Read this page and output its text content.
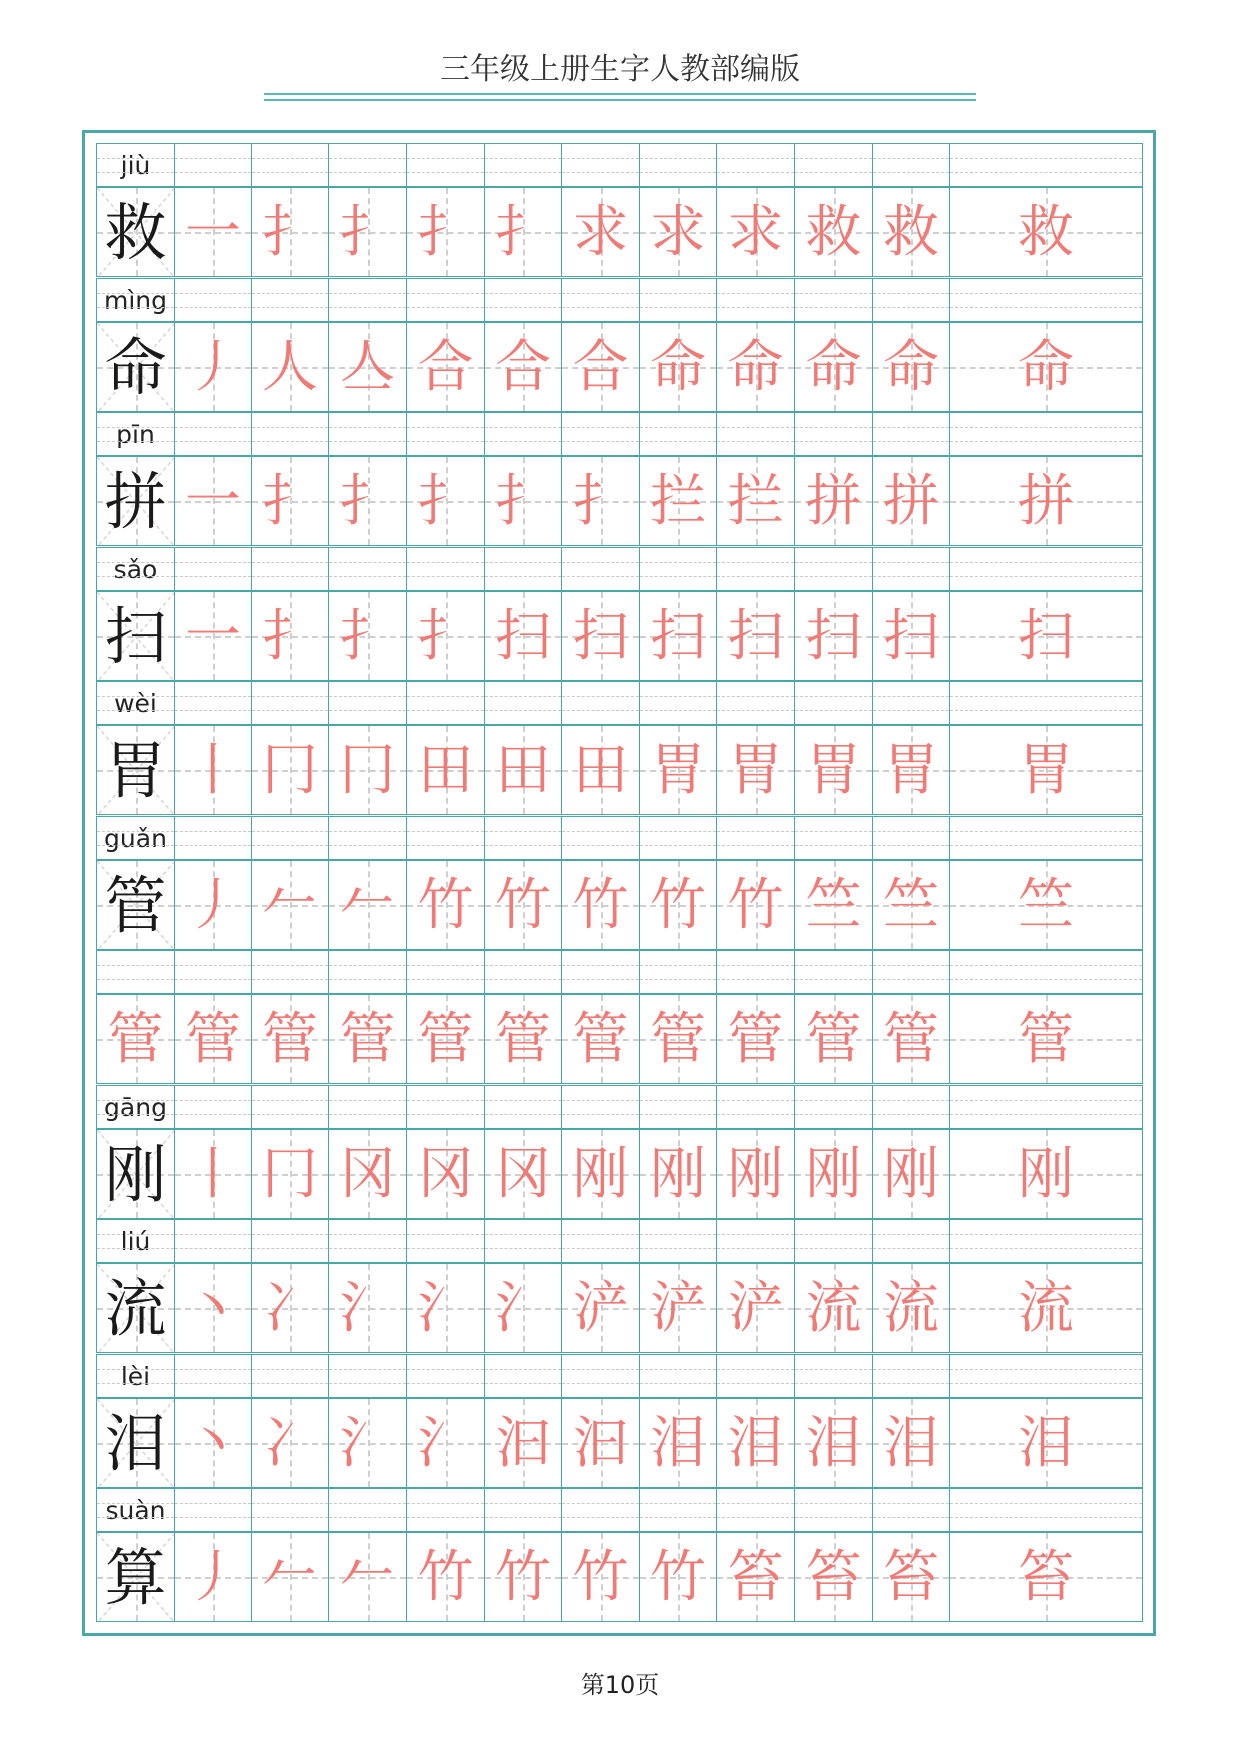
三年级上册生字人教部编版
jiù
救 一 扌 扌 扌 扌 求 求 求 救 救	救
mìng
命 丿 人 亼 合 合 合 命 命 命 命	命
pīn
拼 一 扌 扌 扌 扌 扌 拦 拦 拼 拼	拼
sǎo
扫 一 扌 扌 扌 扫 扫 扫 扫 扫 扫	扫
wèi
胃 丨 冂 冂 田 田 田 胃 胃 胃 胃	胃
guǎn
管 丿 𠂉 𠂉 竹 竹 竹 竹 竹 竺 竺	竺
管 管 管 管 管 管 管 管 管 管 管	管
gāng
刚 丨 冂 冈 冈 冈 刚 刚 刚 刚 刚	刚
liú
流 丶 冫 氵 氵 氵 浐 浐 浐 流 流	流
lèi
泪 丶 冫 氵 氵 汩 汩 泪 泪 泪 泪	泪
suàn
算 丿 𠂉 𠂉 竹 竹 竹 竹 笞 笞 笞	笞
第10页
